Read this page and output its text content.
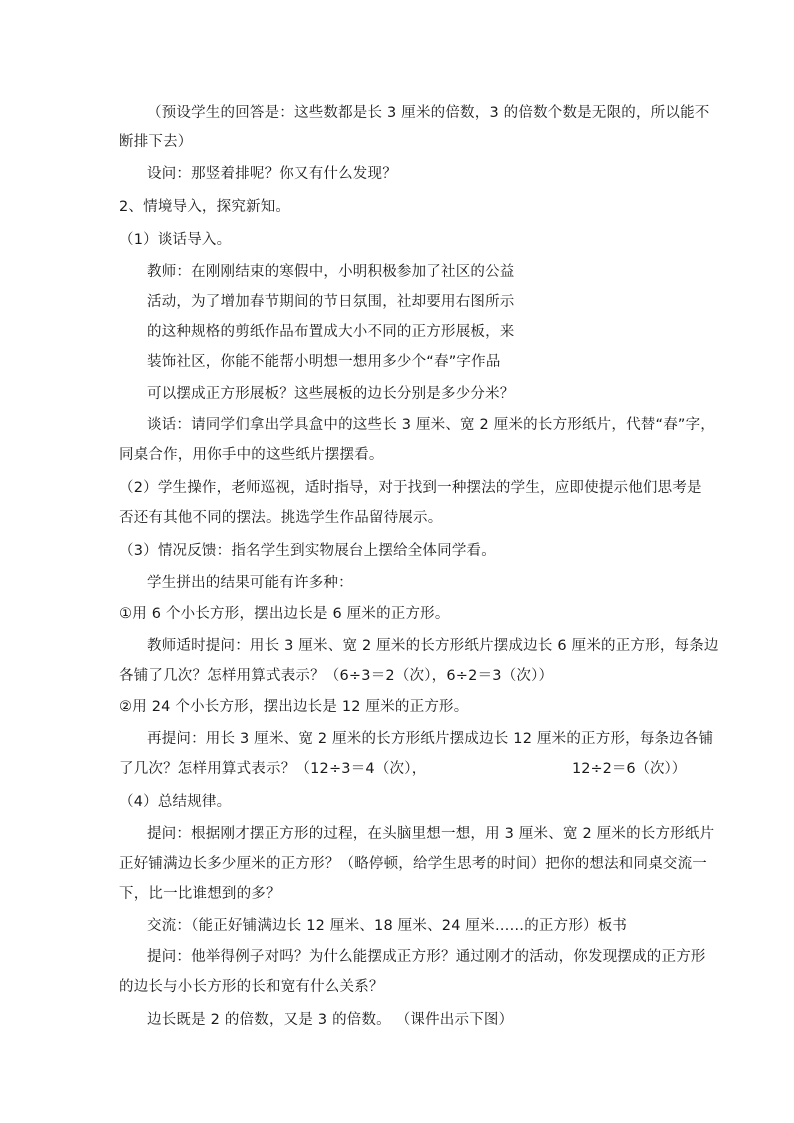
（预设学生的回答是：这些数都是长 3 厘米的倍数，3 的倍数个数是无限的，所以能不
断排下去）
设问：那竖着排呢？你又有什么发现？
2、情境导入，探究新知。
（1）谈话导入。
教师：在刚刚结束的寒假中，小明积极参加了社区的公益
活动，为了增加春节期间的节日氛围，社却要用右图所示
的这种规格的剪纸作品布置成大小不同的正方形展板，来
装饰社区，你能不能帮小明想一想用多少个“春”字作品
可以摆成正方形展板？这些展板的边长分别是多少分米？
谈话：请同学们拿出学具盒中的这些长 3 厘米、宽 2 厘米的长方形纸片，代替“春”字，
同桌合作，用你手中的这些纸片摆摆看。
（2）学生操作，老师巡视，适时指导，对于找到一种摆法的学生，应即使提示他们思考是
否还有其他不同的摆法。挑选学生作品留待展示。
（3）情况反馈：指名学生到实物展台上摆给全体同学看。
学生拼出的结果可能有许多种：
①用 6 个小长方形，摆出边长是 6 厘米的正方形。
教师适时提问：用长 3 厘米、宽 2 厘米的长方形纸片摆成边长 6 厘米的正方形，每条边
各铺了几次？怎样用算式表示？（6÷3＝2（次），6÷2＝3（次））
②用 24 个小长方形，摆出边长是 12 厘米的正方形。
再提问：用长 3 厘米、宽 2 厘米的长方形纸片摆成边长 12 厘米的正方形，每条边各铺
了几次？怎样用算式表示？（12÷3＝4（次），	12÷2＝6（次））
（4）总结规律。
提问：根据刚才摆正方形的过程，在头脑里想一想，用 3 厘米、宽 2 厘米的长方形纸片
正好铺满边长多少厘米的正方形？（略停顿，给学生思考的时间）把你的想法和同桌交流一
下，比一比谁想到的多？
交流：（能正好铺满边长 12 厘米、18 厘米、24 厘米……的正方形）板书
提问：他举得例子对吗？为什么能摆成正方形？通过刚才的活动，你发现摆成的正方形
的边长与小长方形的长和宽有什么关系？
边长既是 2 的倍数，又是 3 的倍数。 （课件出示下图）
